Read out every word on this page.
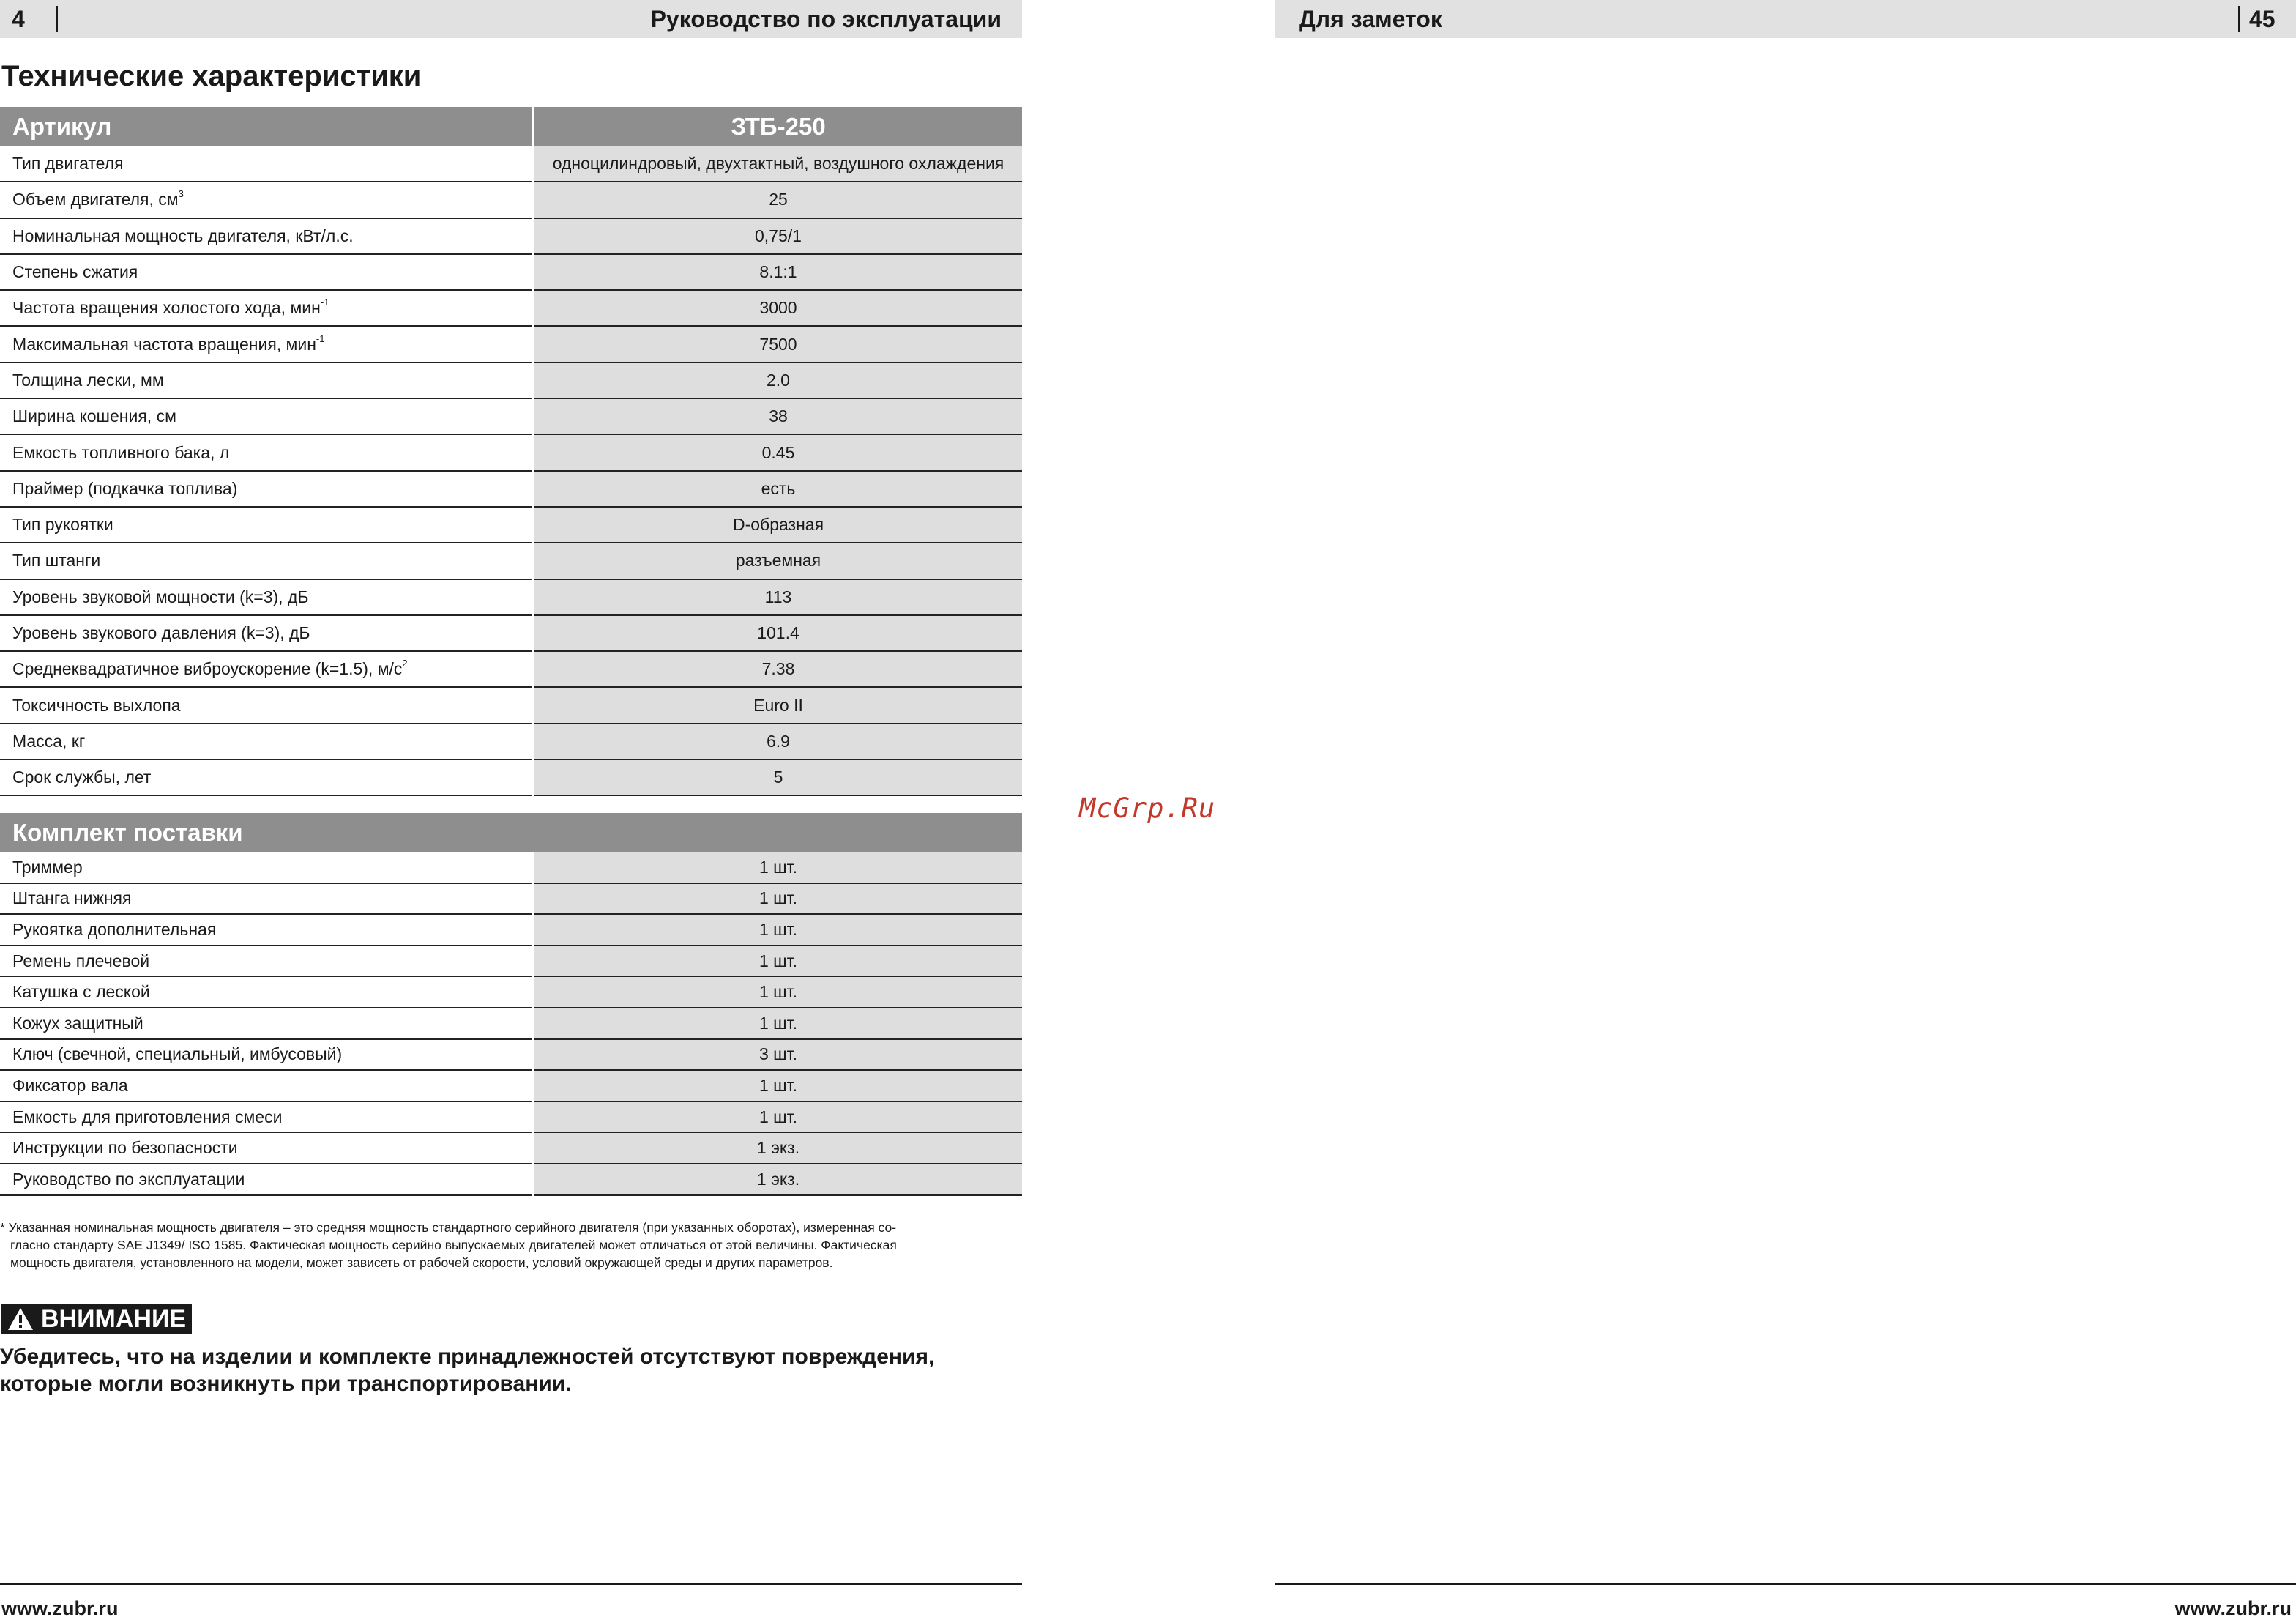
4	Руководство по эксплуатации
Технические характеристики
Артикул	ЗТБ-250
Тип двигателя	одноцилиндровый, двухтактный, воздушного охлаждения
Объем двигателя, $см^3$	25
Номинальная мощность двигателя, кВт/л.с.	0,75/1
Степень сжатия	8.1:1
Частота вращения холостого хода, мин$^{-1}$	3000
Максимальная частота вращения, мин$^{-1}$	7500
Толщина лески, мм	2.0
Ширина кошения, см	38
Емкость топливного бака, л	0.45
Праймер (подкачка топлива)	есть
Тип рукоятки	D-образная
Тип штанги	разъемная
Уровень звуковой мощности (k=3), дБ	113
Уровень звукового давления (k=3), дБ	101.4
Среднеквадратичное виброускорение (k=1.5), $м/с^2$	7.38
Токсичность выхлопа	Euro II
Масса, кг	6.9
Срок службы, лет	5
Комплект поставки	
Триммер	1 шт.
Штанга нижняя	1 шт.
Рукоятка дополнительная	1 шт.
Ремень плечевой	1 шт.
Катушка с леской	1 шт.
Кожух защитный	1 шт.
Ключ (свечной, специальный, имбусовый)	3 шт.
Фиксатор вала	1 шт.
Емкость для приготовления смеси	1 шт.
Инструкции по безопасности	1 экз.
Руководство по эксплуатации	1 экз.
* Указанная номинальная мощность двигателя – это средняя мощность стандартного серийного двигателя (при указанных оборотах), измеренная со-
гласно стандарту SAE J1349/ ISO 1585. Фактическая мощность серийно выпускаемых двигателей может отличаться от этой величины. Фактическая
мощность двигателя, установленного на модели, может зависеть от рабочей скорости, условий окружающей среды и других параметров.
ВНИМАНИЕ
Убедитесь, что на изделии и комплекте принадлежностей отсутствуют повреждения,
которые могли возникнуть при транспортировании.
www.zubr.ru
McGrp.Ru
Для заметок	45
www.zubr.ru
